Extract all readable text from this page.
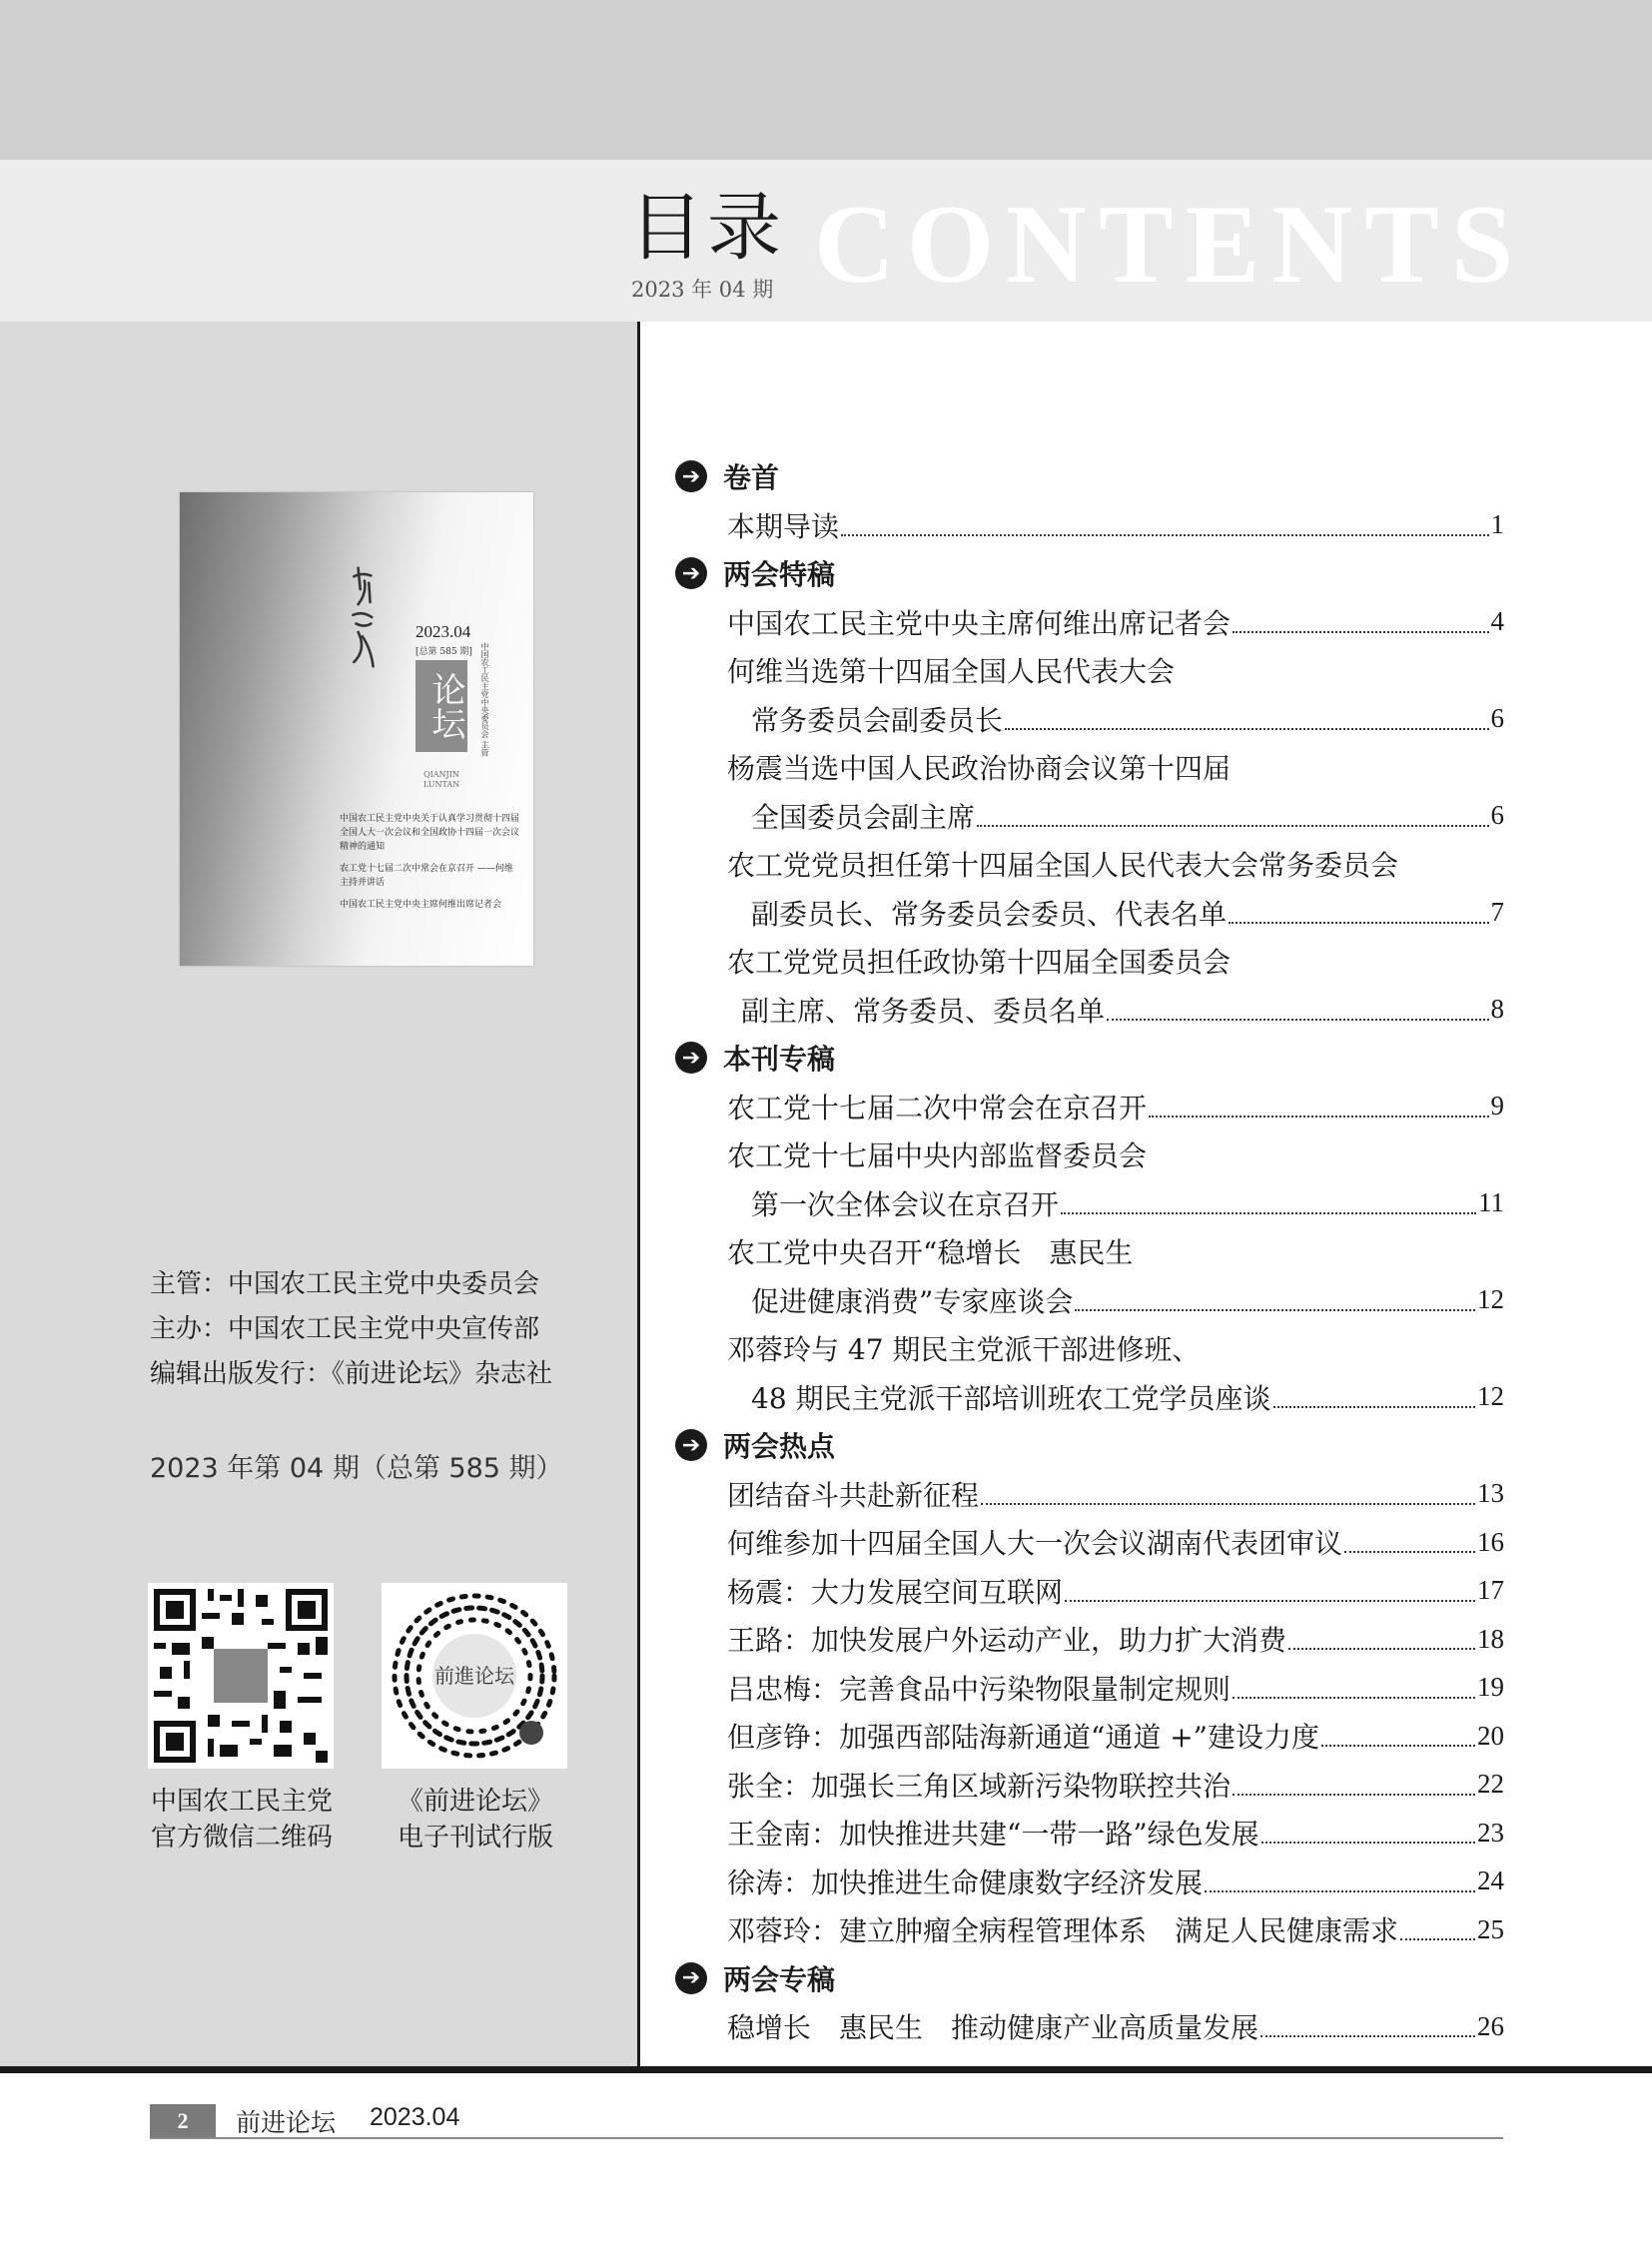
目录 CONTENTS
2023 年 04 期
2023.04
[总第 585 期]
论坛
QIANJIN LUNTAN
中国农工民主党中央委员会 主管

中国农工民主党中央关于认真学习贯彻十四届全国人大一次会议和全国政协十四届一次会议精神的通知

农工党十七届二次中常会在京召开 ——何维主持并讲话

中国农工民主党中央主席何维出席记者会

主管：中国农工民主党中央委员会
主办：中国农工民主党中央宣传部
编辑出版发行：《前进论坛》杂志社
2023 年第 04 期（总第 585 期）
前進论坛
中国农工民主党
官方微信二维码
《前进论坛》
电子刊试行版
➔ 卷首
本期导读	1
➔ 两会特稿
中国农工民主党中央主席何维出席记者会	4
何维当选第十四届全国人民代表大会
常务委员会副委员长	6
杨震当选中国人民政治协商会议第十四届
全国委员会副主席	6
农工党党员担任第十四届全国人民代表大会常务委员会
副委员长、常务委员会委员、代表名单	7
农工党党员担任政协第十四届全国委员会
副主席、常务委员、委员名单	8
➔ 本刊专稿
农工党十七届二次中常会在京召开	9
农工党十七届中央内部监督委员会
第一次全体会议在京召开	11
农工党中央召开“稳增长　惠民生
促进健康消费”专家座谈会	12
邓蓉玲与 47 期民主党派干部进修班、
48 期民主党派干部培训班农工党学员座谈	12
➔ 两会热点
团结奋斗共赴新征程	13
何维参加十四届全国人大一次会议湖南代表团审议	16
杨震：大力发展空间互联网	17
王路：加快发展户外运动产业，助力扩大消费	18
吕忠梅：完善食品中污染物限量制定规则	19
但彦铮：加强西部陆海新通道“通道 +”建设力度	20
张全：加强长三角区域新污染物联控共治	22
王金南：加快推进共建“一带一路”绿色发展	23
徐涛：加快推进生命健康数字经济发展	24
邓蓉玲：建立肿瘤全病程管理体系　满足人民健康需求	25
➔ 两会专稿
稳增长　惠民生　推动健康产业高质量发展	26
2	前进论坛 2023.04
